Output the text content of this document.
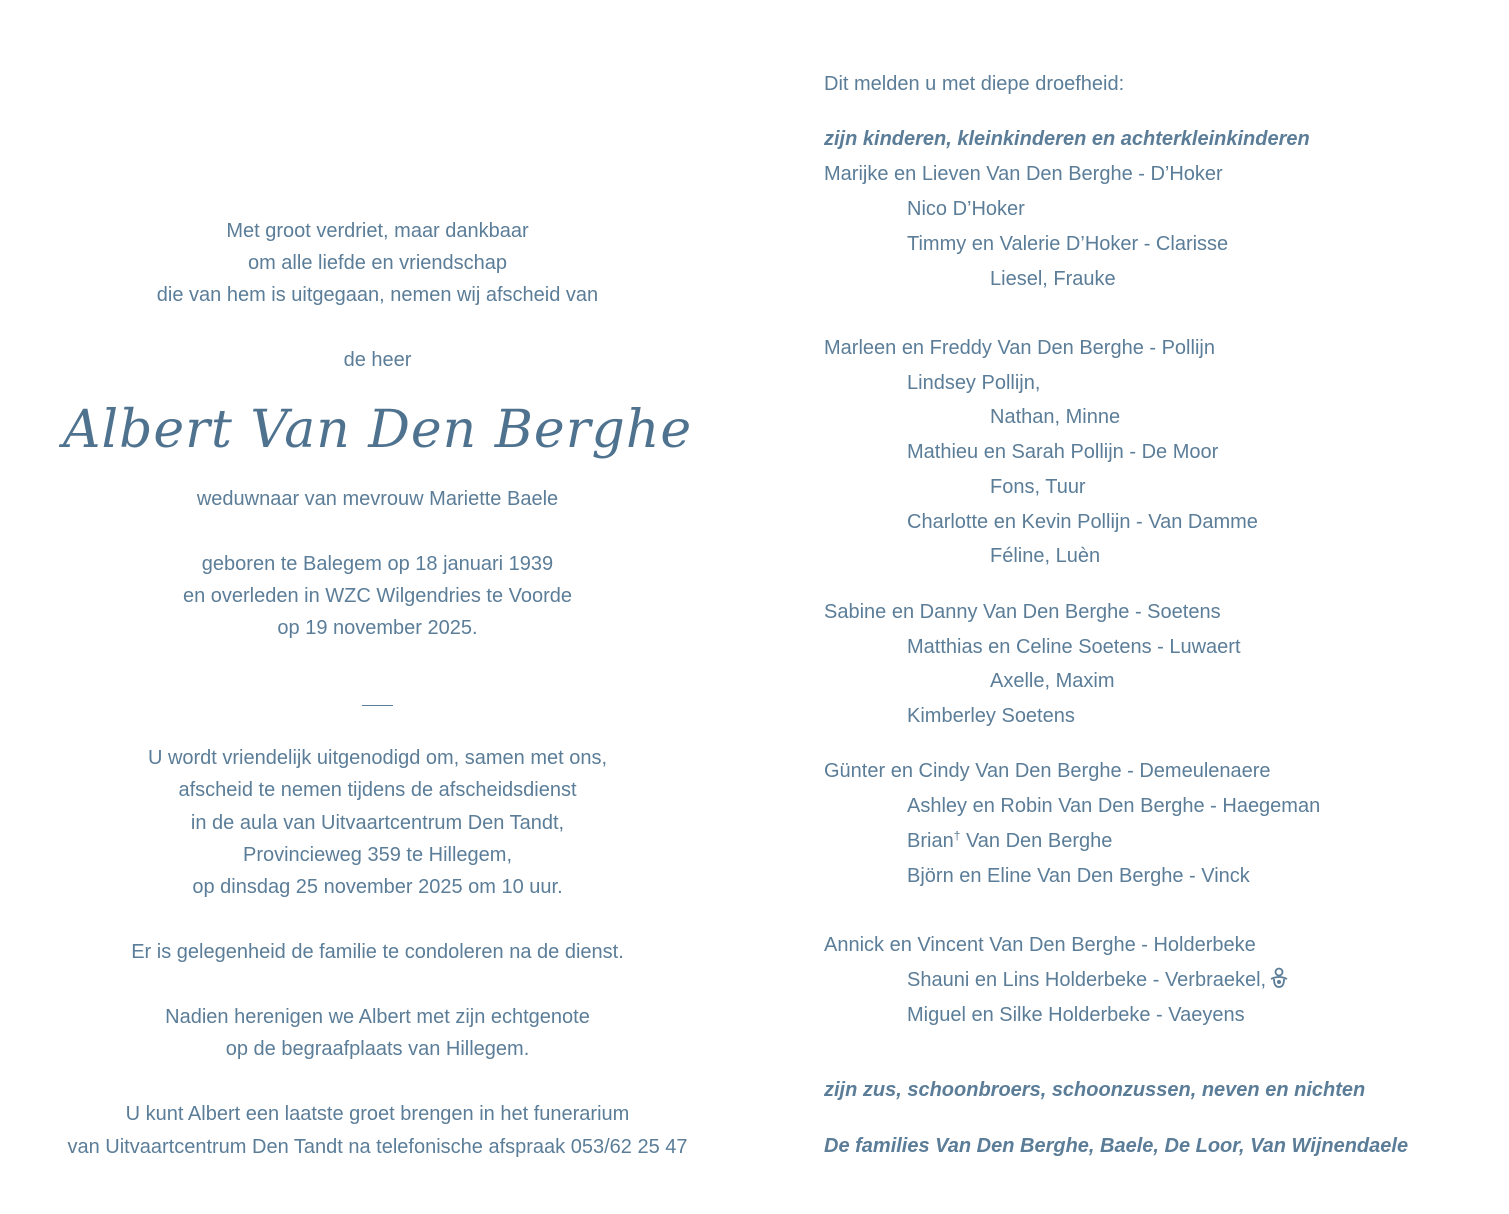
Met groot verdriet, maar dankbaar
om alle liefde en vriendschap
die van hem is uitgegaan, nemen wij afscheid van
de heer
Albert Van Den Berghe
weduwnaar van mevrouw Mariette Baele
geboren te Balegem op 18 januari 1939
en overleden in WZC Wilgendries te Voorde
op 19 november 2025.
U wordt vriendelijk uitgenodigd om, samen met ons,
afscheid te nemen tijdens de afscheidsdienst
in de aula van Uitvaartcentrum Den Tandt,
Provincieweg 359 te Hillegem,
op dinsdag 25 november 2025 om 10 uur.
Er is gelegenheid de familie te condoleren na de dienst.
Nadien herenigen we Albert met zijn echtgenote
op de begraafplaats van Hillegem.
U kunt Albert een laatste groet brengen in het funerarium
van Uitvaartcentrum Den Tandt na telefonische afspraak 053/62 25 47
Dit melden u met diepe droefheid:
zijn kinderen, kleinkinderen en achterkleinkinderen
Marijke en Lieven Van Den Berghe - D’Hoker
Nico D’Hoker
Timmy en Valerie D’Hoker - Clarisse
Liesel, Frauke
Marleen en Freddy Van Den Berghe - Pollijn
Lindsey Pollijn,
Nathan, Minne
Mathieu en Sarah Pollijn - De Moor
Fons, Tuur
Charlotte en Kevin Pollijn - Van Damme
Féline, Luèn
Sabine en Danny Van Den Berghe - Soetens
Matthias en Celine Soetens - Luwaert
Axelle, Maxim
Kimberley Soetens
Günter en Cindy Van Den Berghe - Demeulenaere
Ashley en Robin Van Den Berghe - Haegeman
Brian† Van Den Berghe
Björn en Eline Van Den Berghe - Vinck
Annick en Vincent Van Den Berghe - Holderbeke
Shauni en Lins Holderbeke - Verbraekel,
Miguel en Silke Holderbeke - Vaeyens
zijn zus, schoonbroers, schoonzussen, neven en nichten
De families Van Den Berghe, Baele, De Loor, Van Wijnendaele
